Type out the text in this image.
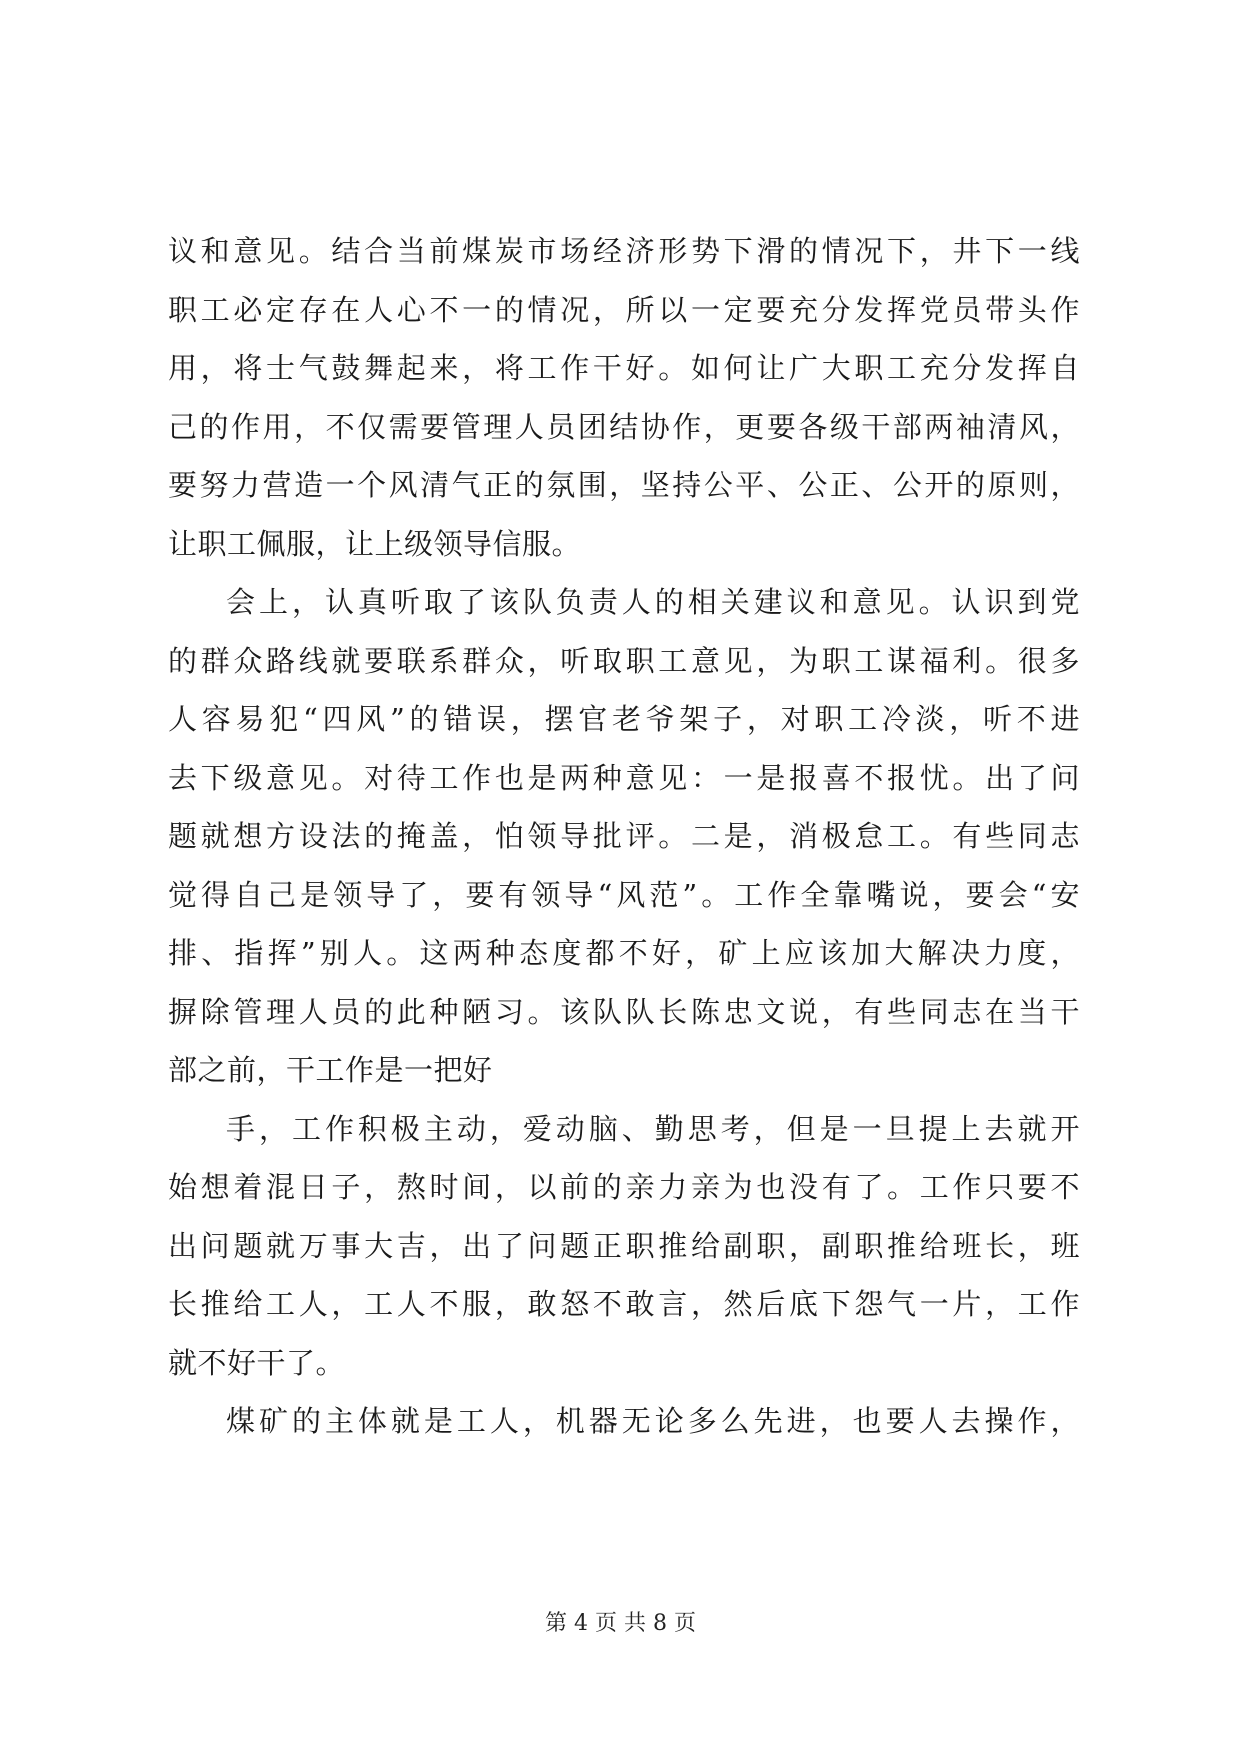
议和意见。结合当前煤炭市场经济形势下滑的情况下，井下一线
职工必定存在人心不一的情况，所以一定要充分发挥党员带头作
用，将士气鼓舞起来，将工作干好。如何让广大职工充分发挥自
己的作用，不仅需要管理人员团结协作，更要各级干部两袖清风，
要努力营造一个风清气正的氛围，坚持公平、公正、公开的原则，
让职工佩服，让上级领导信服。
会上，认真听取了该队负责人的相关建议和意见。认识到党
的群众路线就要联系群众，听取职工意见，为职工谋福利。很多
人容易犯“四风”的错误，摆官老爷架子，对职工冷淡，听不进
去下级意见。对待工作也是两种意见：一是报喜不报忧。出了问
题就想方设法的掩盖，怕领导批评。二是，消极怠工。有些同志
觉得自己是领导了，要有领导“风范”。工作全靠嘴说，要会“安
排、指挥”别人。这两种态度都不好，矿上应该加大解决力度，
摒除管理人员的此种陋习。该队队长陈忠文说，有些同志在当干
部之前，干工作是一把好
手，工作积极主动，爱动脑、勤思考，但是一旦提上去就开
始想着混日子，熬时间，以前的亲力亲为也没有了。工作只要不
出问题就万事大吉，出了问题正职推给副职，副职推给班长，班
长推给工人，工人不服，敢怒不敢言，然后底下怨气一片，工作
就不好干了。
煤矿的主体就是工人，机器无论多么先进，也要人去操作，
第 4 页 共 8 页
